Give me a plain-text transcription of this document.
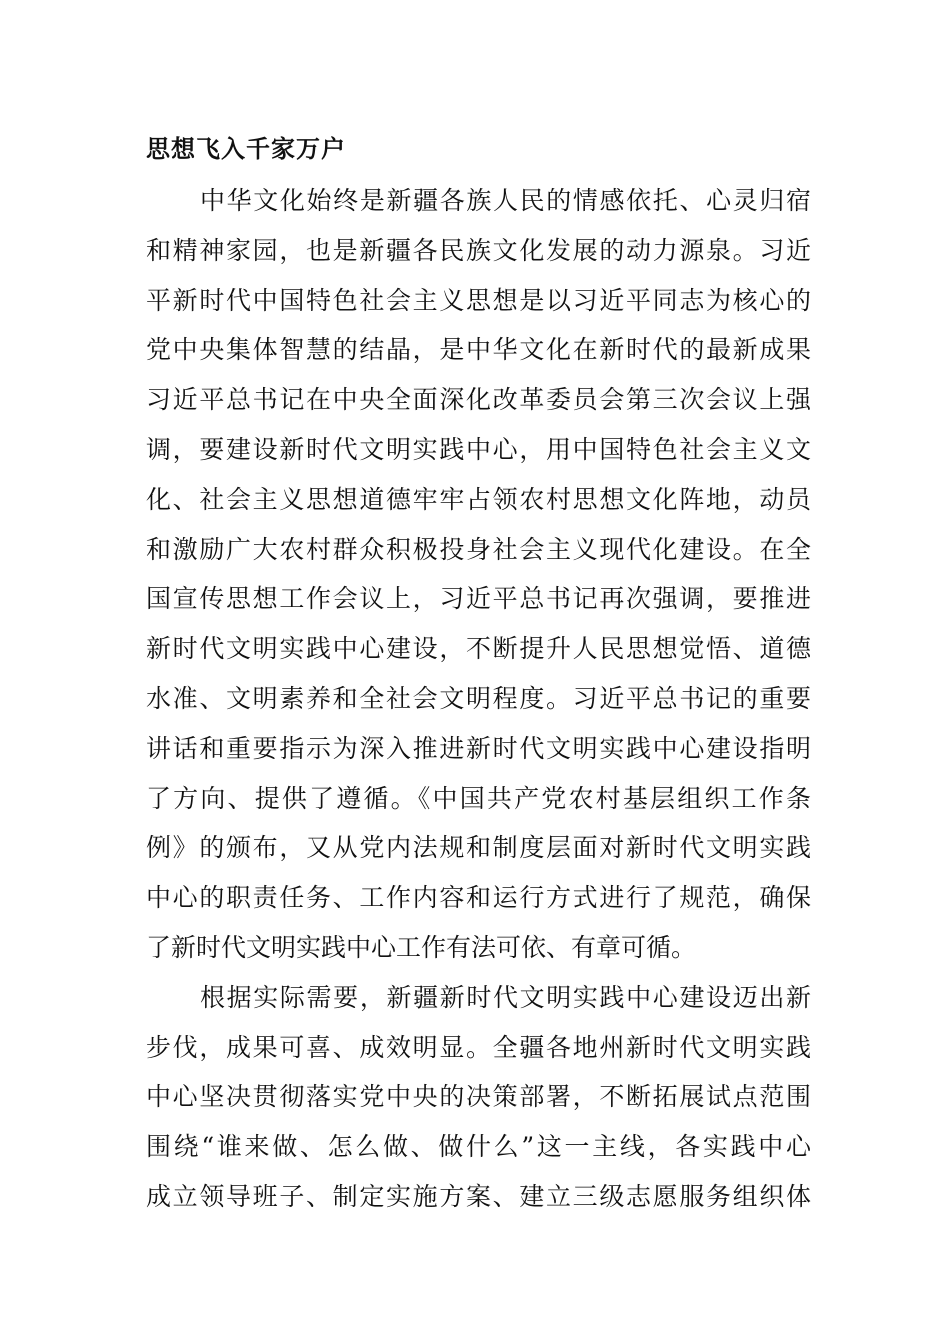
思想飞入千家万户
中华文化始终是新疆各族人民的情感依托、心灵归宿
和精神家园，也是新疆各民族文化发展的动力源泉。习近
平新时代中国特色社会主义思想是以习近平同志为核心的
党中央集体智慧的结晶，是中华文化在新时代的最新成果
习近平总书记在中央全面深化改革委员会第三次会议上强
调，要建设新时代文明实践中心，用中国特色社会主义文
化、社会主义思想道德牢牢占领农村思想文化阵地，动员
和激励广大农村群众积极投身社会主义现代化建设。在全
国宣传思想工作会议上，习近平总书记再次强调，要推进
新时代文明实践中心建设，不断提升人民思想觉悟、道德
水准、文明素养和全社会文明程度。习近平总书记的重要
讲话和重要指示为深入推进新时代文明实践中心建设指明
了方向、提供了遵循。《中国共产党农村基层组织工作条
例》的颁布，又从党内法规和制度层面对新时代文明实践
中心的职责任务、工作内容和运行方式进行了规范，确保
了新时代文明实践中心工作有法可依、有章可循。
根据实际需要，新疆新时代文明实践中心建设迈出新
步伐，成果可喜、成效明显。全疆各地州新时代文明实践
中心坚决贯彻落实党中央的决策部署，不断拓展试点范围
围绕“谁来做、怎么做、做什么”这一主线，各实践中心
成立领导班子、制定实施方案、建立三级志愿服务组织体
